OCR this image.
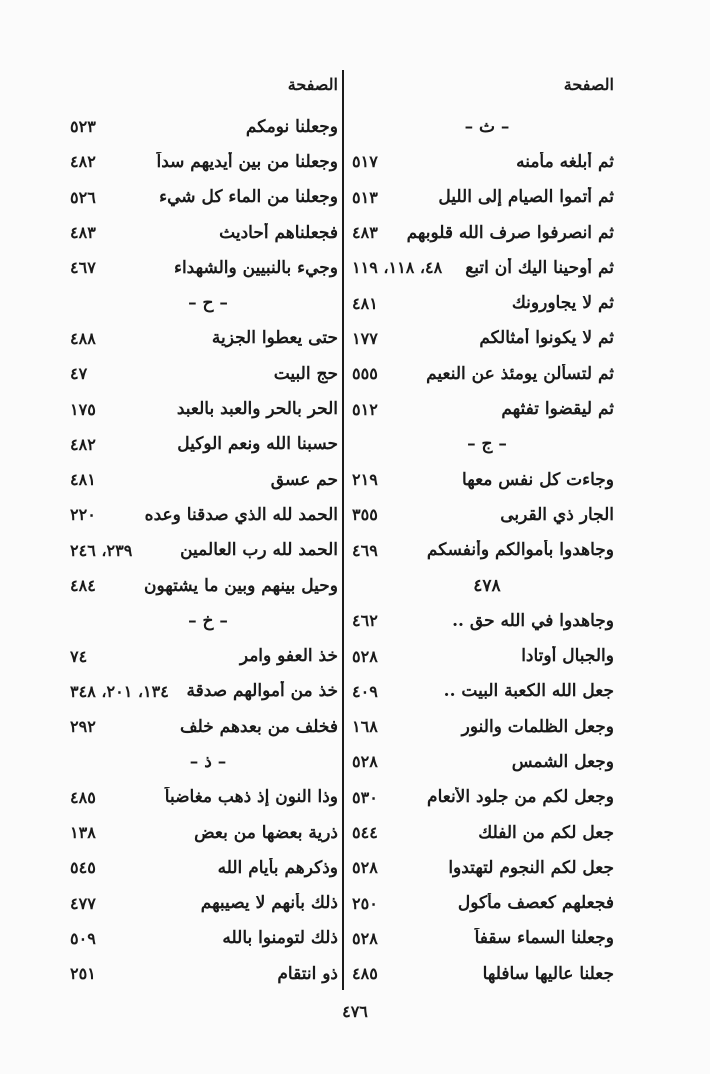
الصفحة
– ث –
ثم أبلغه مأمنه
٥١٧
ثم أتموا الصيام إلى الليل
٥١٣
ثم انصرفوا صرف الله قلوبهم
٤٨٣
ثم أوحينا اليك أن اتبع
٤٨، ١١٨، ١١٩
ثم لا يجاورونك
٤٨١
ثم لا يكونوا أمثالكم
١٧٧
ثم لتسألن يومئذ عن النعيم
٥٥٥
ثم ليقضوا تفثهم
٥١٢
– ج –
وجاءت كل نفس معها
٢١٩
الجار ذي القربى
٣٥٥
وجاهدوا بأموالكم وأنفسكم
٤٦٩
٤٧٨
وجاهدوا في الله حق ..
٤٦٢
والجبال أوتادا
٥٢٨
جعل الله الكعبة البيت ..
٤٠٩
وجعل الظلمات والنور
١٦٨
وجعل الشمس
٥٢٨
وجعل لكم من جلود الأنعام
٥٣٠
جعل لكم من الفلك
٥٤٤
جعل لكم النجوم لتهتدوا
٥٢٨
فجعلهم كعصف مأكول
٢٥٠
وجعلنا السماء سقفاً
٥٢٨
جعلنا عاليها سافلها
٤٨٥
الصفحة
وجعلنا نومكم
٥٢٣
وجعلنا من بين أيديهم سداً
٤٨٢
وجعلنا من الماء كل شيء
٥٢٦
فجعلناهم أحاديث
٤٨٣
وجيء بالنبيين والشهداء
٤٦٧
– ح –
حتى يعطوا الجزية
٤٨٨
حج البيت
٤٧
الحر بالحر والعبد بالعبد
١٧٥
حسبنا الله ونعم الوكيل
٤٨٢
حم عسق
٤٨١
الحمد لله الذي صدقنا وعده
٢٢٠
الحمد لله رب العالمين
٢٣٩، ٢٤٦
وحيل بينهم وبين ما يشتهون
٤٨٤
– خ –
خذ العفو وامر
٧٤
خذ من أموالهم صدقة
١٣٤، ٢٠١، ٣٤٨
فخلف من بعدهم خلف
٢٩٢
– ذ –
وذا النون إذ ذهب مغاضباً
٤٨٥
ذرية بعضها من بعض
١٣٨
وذكرهم بأيام الله
٥٤٥
ذلك بأنهم لا يصيبهم
٤٧٧
ذلك لتومنوا بالله
٥٠٩
ذو انتقام
٢٥١
٤٧٦
